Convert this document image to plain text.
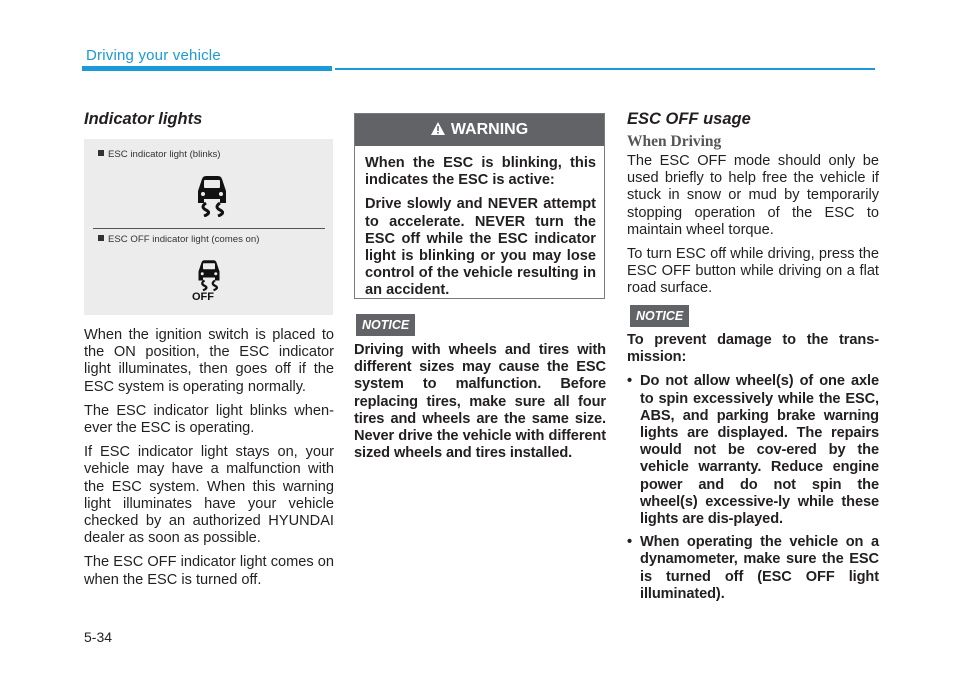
Driving your vehicle
Indicator lights
ESC indicator light (blinks)
ESC OFF indicator light (comes on)
OFF

When the ignition switch is placed to the ON position, the ESC indicator light illuminates, then goes off if the ESC system is operating normally.

The ESC indicator light blinks when-ever the ESC is operating.

If ESC indicator light stays on, your vehicle may have a malfunction with the ESC system. When this warning light illuminates have your vehicle checked by an authorized HYUNDAI dealer as soon as possible.

The ESC OFF indicator light comes on when the ESC is turned off.

WARNING

When the ESC is blinking, this indicates the ESC is active:

Drive slowly and NEVER attempt to accelerate. NEVER turn the ESC off while the ESC indicator light is blinking or you may lose control of the vehicle resulting in an accident.

NOTICE
Driving with wheels and tires with different sizes may cause the ESC system to malfunction. Before replacing tires, make sure all four tires and wheels are the same size. Never drive the vehicle with different sized wheels and tires installed.
ESC OFF usage
When Driving

The ESC OFF mode should only be used briefly to help free the vehicle if stuck in snow or mud by temporarily stopping operation of the ESC to maintain wheel torque.

To turn ESC off while driving, press the ESC OFF button while driving on a flat road surface.

NOTICE

To prevent damage to the trans-mission:

• Do not allow wheel(s) of one axle to spin excessively while the ESC, ABS, and parking brake warning lights are displayed. The repairs would not be cov-ered by the vehicle warranty. Reduce engine power and do not spin the wheel(s) excessive-ly while these lights are dis-played.
• When operating the vehicle on a dynamometer, make sure the ESC is turned off (ESC OFF light illuminated).
5-34
